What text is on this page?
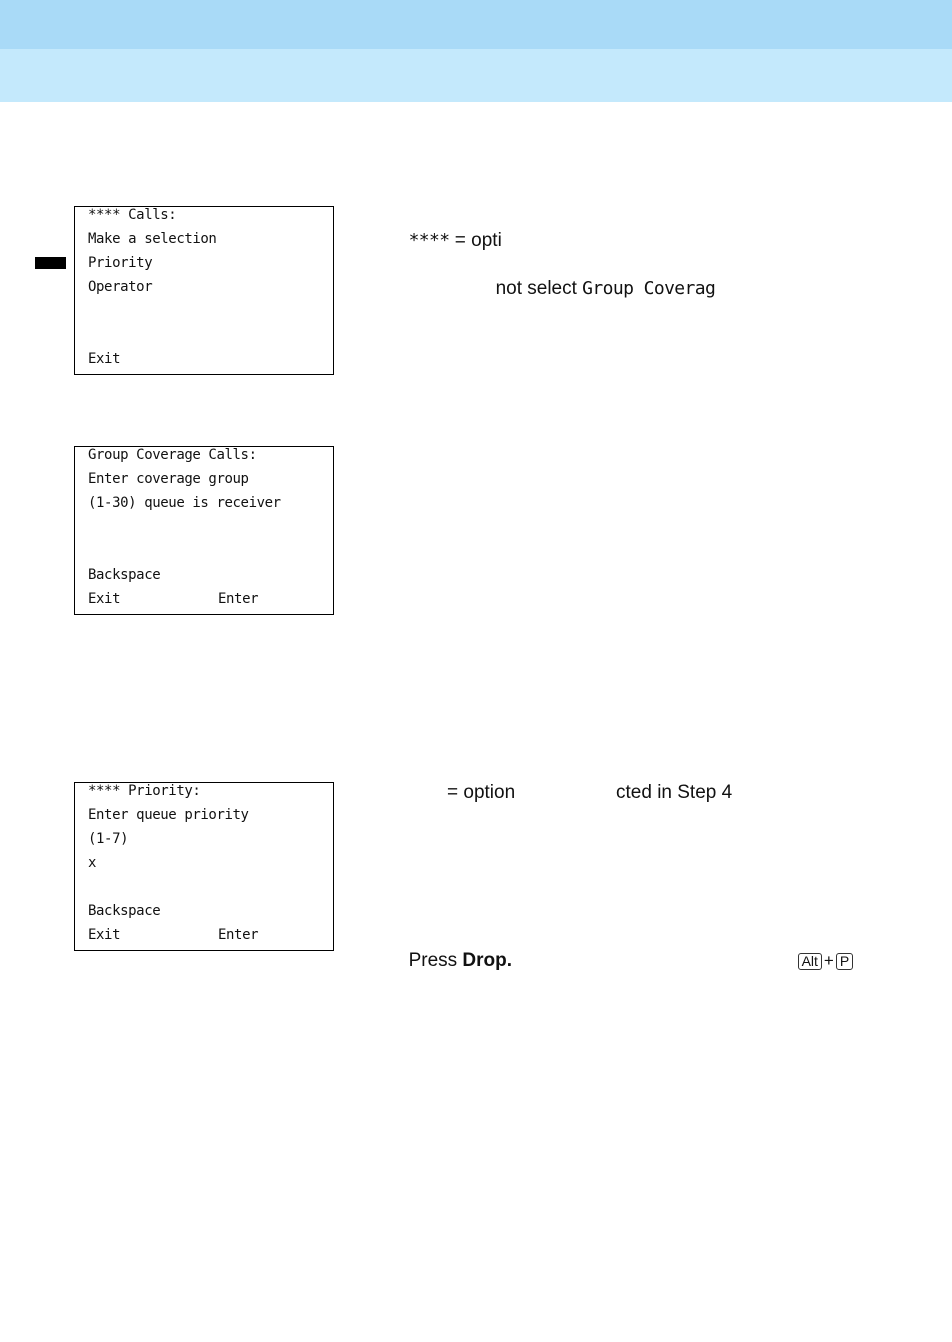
**** Calls:
Make a selection
Priority
Operator
Exit
Group Coverage Calls:
Enter coverage group
(1-30) queue is receiver
Backspace
Exit	Enter
**** Priority:
Enter queue priority
(1-7)
x
Backspace
Exit	Enter

**** = opti

not select Group Coverag

= option	cted in Step 4

Press Drop.	Alt + P
